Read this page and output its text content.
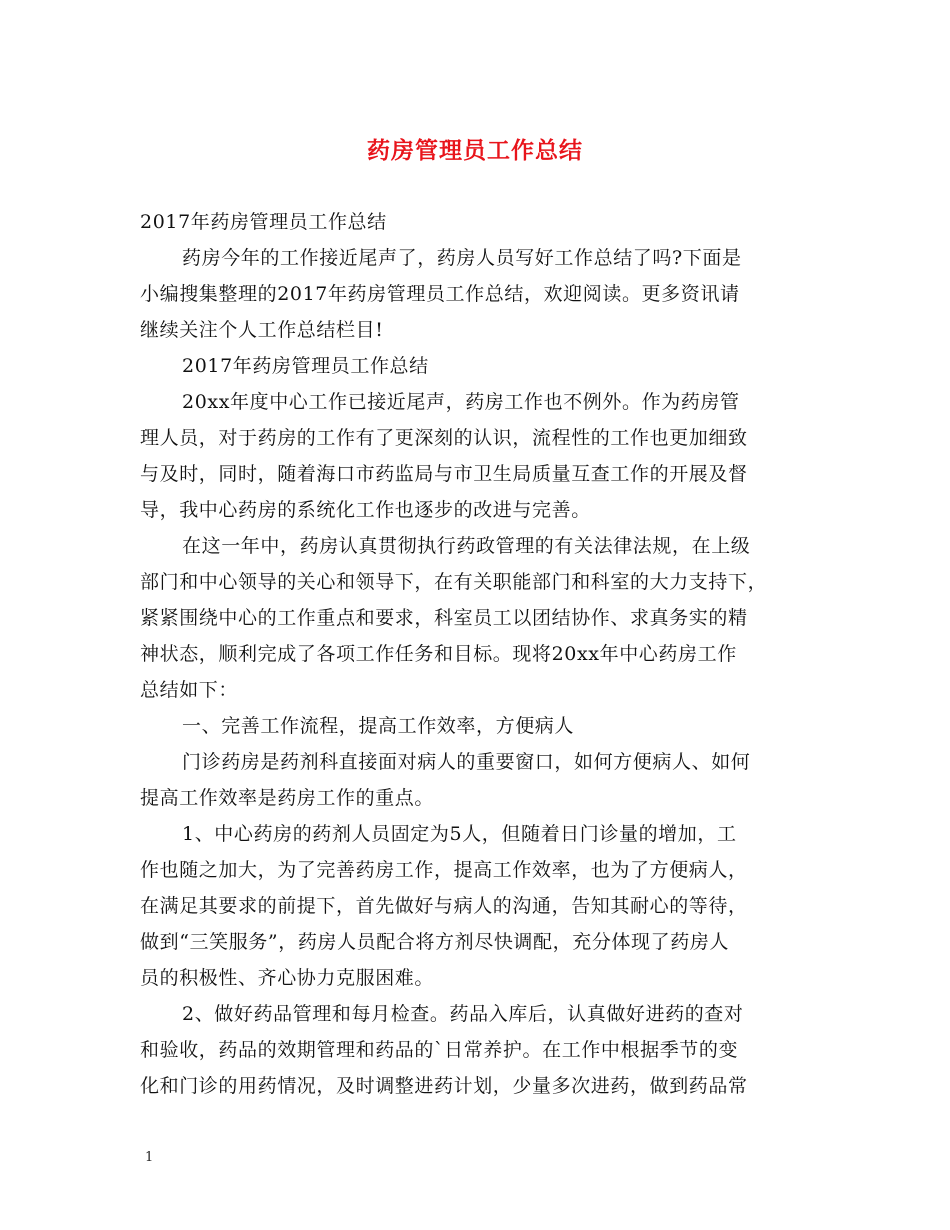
药房管理员工作总结
2017年药房管理员工作总结
药房今年的工作接近尾声了，药房人员写好工作总结了吗?下面是
小编搜集整理的2017年药房管理员工作总结，欢迎阅读。更多资讯请
继续关注个人工作总结栏目!
2017年药房管理员工作总结
20xx年度中心工作已接近尾声，药房工作也不例外。作为药房管
理人员，对于药房的工作有了更深刻的认识，流程性的工作也更加细致
与及时，同时，随着海口市药监局与市卫生局质量互查工作的开展及督
导，我中心药房的系统化工作也逐步的改进与完善。
在这一年中，药房认真贯彻执行药政管理的有关法律法规，在上级
部门和中心领导的关心和领导下，在有关职能部门和科室的大力支持下，
紧紧围绕中心的工作重点和要求，科室员工以团结协作、求真务实的精
神状态，顺利完成了各项工作任务和目标。现将20xx年中心药房工作
总结如下：
一、完善工作流程，提高工作效率，方便病人
门诊药房是药剂科直接面对病人的重要窗口，如何方便病人、如何
提高工作效率是药房工作的重点。
1、中心药房的药剂人员固定为5人，但随着日门诊量的增加，工
作也随之加大，为了完善药房工作，提高工作效率，也为了方便病人，
在满足其要求的前提下，首先做好与病人的沟通，告知其耐心的等待，
做到“三笑服务”，药房人员配合将方剂尽快调配，充分体现了药房人
员的积极性、齐心协力克服困难。
2、做好药品管理和每月检查。药品入库后，认真做好进药的查对
和验收，药品的效期管理和药品的`日常养护。在工作中根据季节的变
化和门诊的用药情况，及时调整进药计划，少量多次进药，做到药品常
1
